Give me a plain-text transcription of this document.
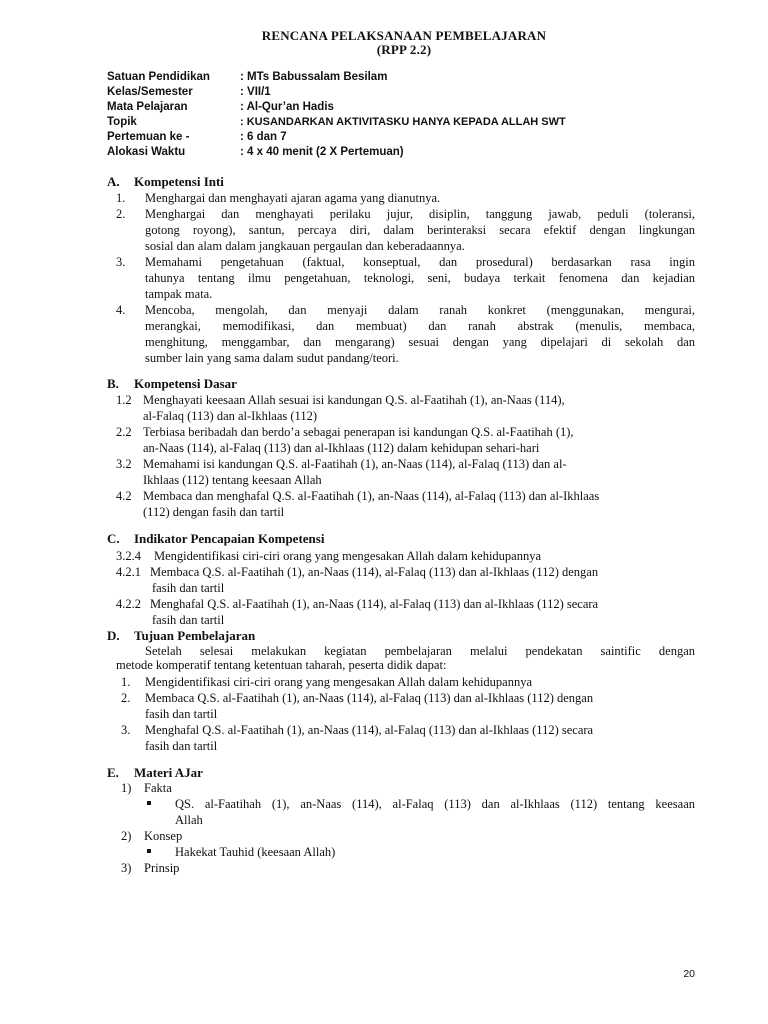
RENCANA PELAKSANAAN PEMBELAJARAN
(RPP 2.2)
Satuan Pendidikan	: MTs Babussalam Besilam
Kelas/Semester	: VII/1
Mata Pelajaran	: Al-Qur’an Hadis
Topik	: KUSANDARKAN AKTIVITASKU HANYA KEPADA ALLAH SWT
Pertemuan ke -	: 6 dan 7
Alokasi Waktu	: 4 x 40 menit (2 X Pertemuan)
A. Kompetensi Inti
1. Menghargai dan menghayati ajaran agama yang dianutnya.
2. Menghargai dan menghayati perilaku jujur, disiplin, tanggung jawab, peduli (toleransi,
gotong royong), santun, percaya diri, dalam berinteraksi secara efektif dengan lingkungan
sosial dan alam dalam jangkauan pergaulan dan keberadaannya.
3. Memahami pengetahuan (faktual, konseptual, dan prosedural) berdasarkan rasa ingin
tahunya tentang ilmu pengetahuan, teknologi, seni, budaya terkait fenomena dan kejadian
tampak mata.
4. Mencoba, mengolah, dan menyaji dalam ranah konkret (menggunakan, mengurai,
merangkai, memodifikasi, dan membuat) dan ranah abstrak (menulis, membaca,
menghitung, menggambar, dan mengarang) sesuai dengan yang dipelajari di sekolah dan
sumber lain yang sama dalam sudut pandang/teori.
B. Kompetensi Dasar
1.2 Menghayati keesaan Allah sesuai isi kandungan Q.S. al-Faatihah (1), an-Naas (114),
al-Falaq (113) dan al-Ikhlaas (112)
2.2 Terbiasa beribadah dan berdo’a sebagai penerapan isi kandungan Q.S. al-Faatihah (1),
an-Naas (114), al-Falaq (113) dan al-Ikhlaas (112) dalam kehidupan sehari-hari
3.2 Memahami isi kandungan Q.S. al-Faatihah (1), an-Naas (114), al-Falaq (113) dan al-
Ikhlaas (112) tentang keesaan Allah
4.2 Membaca dan menghafal Q.S. al-Faatihah (1), an-Naas (114), al-Falaq (113) dan al-Ikhlaas
(112) dengan fasih dan tartil
C. Indikator Pencapaian Kompetensi
3.2.4 Mengidentifikasi ciri-ciri orang yang mengesakan Allah dalam kehidupannya
4.2.1 Membaca Q.S. al-Faatihah (1), an-Naas (114), al-Falaq (113) dan al-Ikhlaas (112) dengan
fasih dan tartil
4.2.2 Menghafal Q.S. al-Faatihah (1), an-Naas (114), al-Falaq (113) dan al-Ikhlaas (112) secara
fasih dan tartil
D. Tujuan Pembelajaran
Setelah selesai melakukan kegiatan pembelajaran melalui pendekatan saintific dengan
metode komperatif tentang ketentuan taharah, peserta didik dapat:
1. Mengidentifikasi ciri-ciri orang yang mengesakan Allah dalam kehidupannya
2. Membaca Q.S. al-Faatihah (1), an-Naas (114), al-Falaq (113) dan al-Ikhlaas (112) dengan
fasih dan tartil
3. Menghafal Q.S. al-Faatihah (1), an-Naas (114), al-Falaq (113) dan al-Ikhlaas (112) secara
fasih dan tartil
E. Materi AJar
1) Fakta
QS. al-Faatihah (1), an-Naas (114), al-Falaq (113) dan al-Ikhlaas (112) tentang keesaan
Allah
2) Konsep
Hakekat Tauhid (keesaan Allah)
3) Prinsip
20
